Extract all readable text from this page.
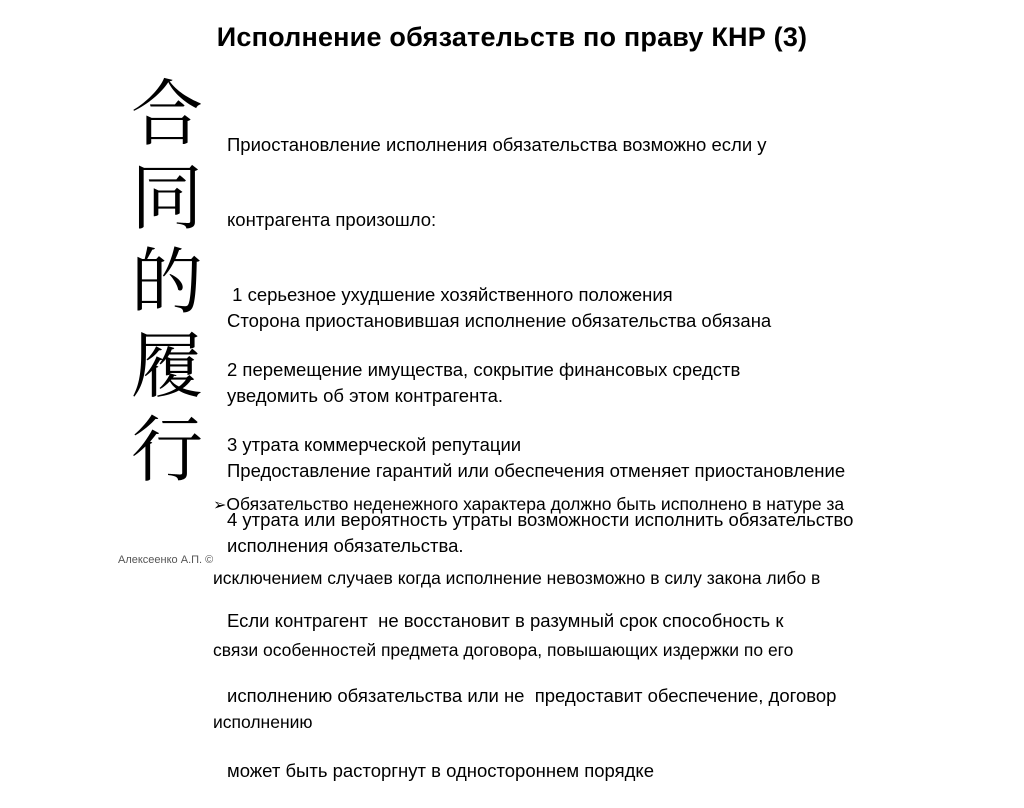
Исполнение обязательств по праву КНР (3)
合
同
的
履
行

Приостановление исполнения обязательства возможно если у

контрагента произошло:

1 серьезное ухудшение хозяйственного положения

2 перемещение имущества, сокрытие финансовых средств

3 утрата коммерческой репутации

4 утрата или вероятность утраты возможности исполнить обязательство

Сторона приостановившая исполнение обязательства обязана

уведомить об этом контрагента.

Предоставление гарантий или обеспечения отменяет приостановление

исполнения обязательства.

Если контрагент  не восстановит в разумный срок способность к

исполнению обязательства или не  предоставит обеспечение, договор

может быть расторгнут в одностороннем порядке

➢Обязательство неденежного характера должно быть исполнено в натуре за

исключением случаев когда исполнение невозможно в силу закона либо в

связи особенностей предмета договора, повышающих издержки по его

исполнению

Алексеенко А.П. ©
